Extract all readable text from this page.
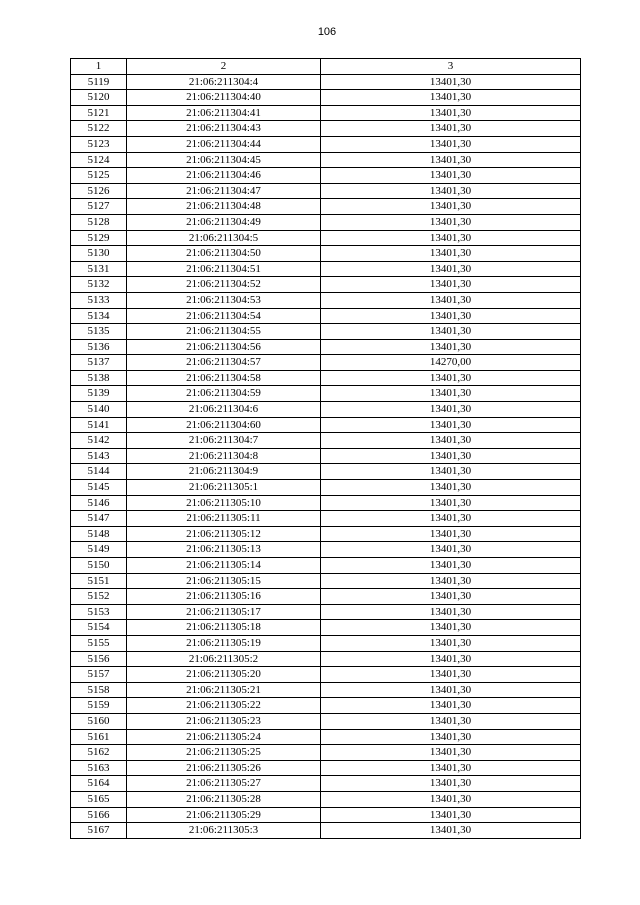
106
1	2	3
5119	21:06:211304:4	13401,30
5120	21:06:211304:40	13401,30
5121	21:06:211304:41	13401,30
5122	21:06:211304:43	13401,30
5123	21:06:211304:44	13401,30
5124	21:06:211304:45	13401,30
5125	21:06:211304:46	13401,30
5126	21:06:211304:47	13401,30
5127	21:06:211304:48	13401,30
5128	21:06:211304:49	13401,30
5129	21:06:211304:5	13401,30
5130	21:06:211304:50	13401,30
5131	21:06:211304:51	13401,30
5132	21:06:211304:52	13401,30
5133	21:06:211304:53	13401,30
5134	21:06:211304:54	13401,30
5135	21:06:211304:55	13401,30
5136	21:06:211304:56	13401,30
5137	21:06:211304:57	14270,00
5138	21:06:211304:58	13401,30
5139	21:06:211304:59	13401,30
5140	21:06:211304:6	13401,30
5141	21:06:211304:60	13401,30
5142	21:06:211304:7	13401,30
5143	21:06:211304:8	13401,30
5144	21:06:211304:9	13401,30
5145	21:06:211305:1	13401,30
5146	21:06:211305:10	13401,30
5147	21:06:211305:11	13401,30
5148	21:06:211305:12	13401,30
5149	21:06:211305:13	13401,30
5150	21:06:211305:14	13401,30
5151	21:06:211305:15	13401,30
5152	21:06:211305:16	13401,30
5153	21:06:211305:17	13401,30
5154	21:06:211305:18	13401,30
5155	21:06:211305:19	13401,30
5156	21:06:211305:2	13401,30
5157	21:06:211305:20	13401,30
5158	21:06:211305:21	13401,30
5159	21:06:211305:22	13401,30
5160	21:06:211305:23	13401,30
5161	21:06:211305:24	13401,30
5162	21:06:211305:25	13401,30
5163	21:06:211305:26	13401,30
5164	21:06:211305:27	13401,30
5165	21:06:211305:28	13401,30
5166	21:06:211305:29	13401,30
5167	21:06:211305:3	13401,30
